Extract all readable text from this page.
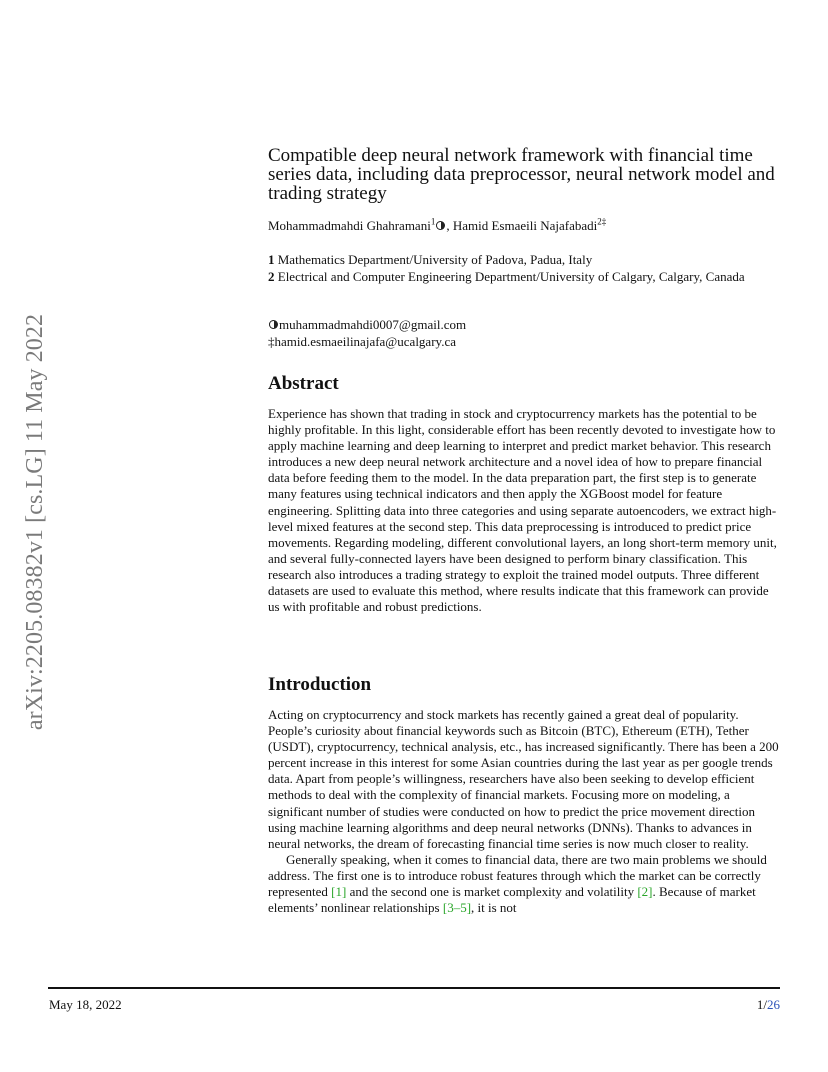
arXiv:2205.08382v1 [cs.LG] 11 May 2022
Compatible deep neural network framework with financial time series data, including data preprocessor, neural network model and trading strategy
Mohammadmahdi Ghahramani$^1$ , Hamid Esmaeili Najafabadi$^{2\ddagger}$
1 Mathematics Department/University of Padova, Padua, Italy
2 Electrical and Computer Engineering Department/University of Calgary, Calgary, Canada
muhammadmahdi0007@gmail.com
‡hamid.esmaeilinajafa@ucalgary.ca
Abstract

Experience has shown that trading in stock and cryptocurrency markets has the potential to be highly profitable. In this light, considerable effort has been recently devoted to investigate how to apply machine learning and deep learning to interpret and predict market behavior. This research introduces a new deep neural network architecture and a novel idea of how to prepare financial data before feeding them to the model. In the data preparation part, the first step is to generate many features using technical indicators and then apply the XGBoost model for feature engineering. Splitting data into three categories and using separate autoencoders, we extract high-level mixed features at the second step. This data preprocessing is introduced to predict price movements. Regarding modeling, different convolutional layers, an long short-term memory unit, and several fully-connected layers have been designed to perform binary classification. This research also introduces a trading strategy to exploit the trained model outputs. Three different datasets are used to evaluate this method, where results indicate that this framework can provide us with profitable and robust predictions.

Introduction

Acting on cryptocurrency and stock markets has recently gained a great deal of popularity. People’s curiosity about financial keywords such as Bitcoin (BTC), Ethereum (ETH), Tether (USDT), cryptocurrency, technical analysis, etc., has increased significantly. There has been a 200 percent increase in this interest for some Asian countries during the last year as per google trends data. Apart from people’s willingness, researchers have also been seeking to develop efficient methods to deal with the complexity of financial markets. Focusing more on modeling, a significant number of studies were conducted on how to predict the price movement direction using machine learning algorithms and deep neural networks (DNNs). Thanks to advances in neural networks, the dream of forecasting financial time series is now much closer to reality.

Generally speaking, when it comes to financial data, there are two main problems we should address. The first one is to introduce robust features through which the market can be correctly represented [1] and the second one is market complexity and volatility [2]. Because of market elements’ nonlinear relationships [3–5], it is not

May 18, 2022	1/26
